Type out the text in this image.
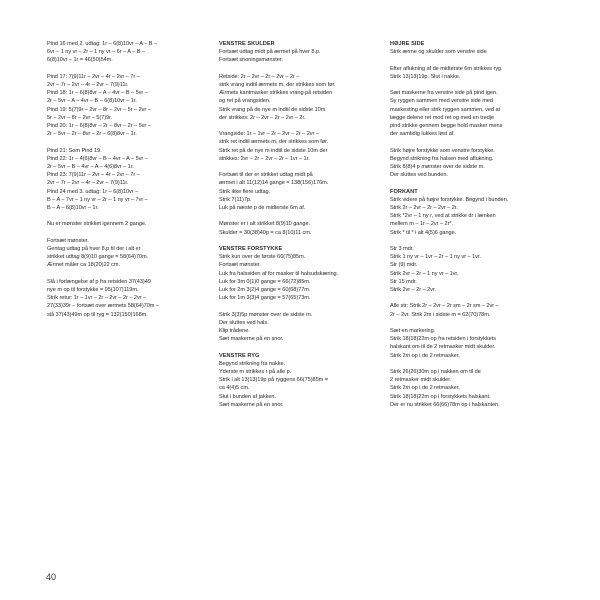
Pind 16 med 2. udtag: 1r – 6(8)10vr – A – B –
6vr – 1 ny vr – 2r – 1 ny vr – 6r – A – B –
6(8)10vr – 1r = 46(50)54m.

Pind 17: 7(9)11r – 2vr – 4r – 2vr – 7r –
2vr – 7r – 2vr – 4r – 2vr – 7(9)11r.
Pind 18: 1r – 6(8)8vr – A – 4vr – B – 5vr –
2r – 5vr – A – 4vr – B – 6(8)10vr – 1r.
Pind 19: 5(7)9r – 2vr – 8r – 2vr – 5r – 2vr –
5r – 2vr – 8r – 2vr – 5(7)9r.
Pind 20: 1r – 6(8)8vr – 2r – 8vr – 2r – 5vr –
2r – 5vr – 2r – 8vr – 2r – 6(8)8vr – 1r.

Pind 21: Som Pind 19.
Pind 22: 1r – 4(6)8vr – B – 4vr – A – 5vr –
2r – 5vr – B – 4vr – A – 4(6)8vr – 1r.
Pind 23: 7(9)11r – 2vr – 4r – 2vr – 7r –
2vr – 7r – 2vr – 4r – 2vr – 7(9)11r.
Pind 24 med 3. udtag: 1r – 6(8)10vr –
B – A – 7vr – 1 ny vr – 2r – 1 ny vr – 7vr –
B – A – 6(8)10vr – 1r.

Nu er mønster strikket igennem 2 gange.

Fortsæt mønster.
Gentag udtag på hver 8.p til der i alt er
strikket udtag 8(9)10 gange = 58(64)70m.
Ærmet måler ca 18(20)22 cm.

Slå i forlængelse af p fra retsiden 37(43)49
nye m op til forstykke = 95(107)119m.
Strik retur: 1r – 1vr – 2r – 2vr – 2r – 2vr –
27(33)39r – fortsæt over ærmets 58(64)70m –
slå 37(43)49m op til ryg = 132(150)168m.

VENSTRE SKULDER

Fortsæt udtag midt på ærmet på hver 8.p.
Fortsæt snoningsmønster.

Retside: 2r – 2vr – 2r – 2vr – 2r –
strik vrang indtil ærmets m, der strikkes som før.
Ærmets kantmasker strikkes vrang på retsiden
og ret på vrangsiden.
Strik vrang på de nye m indtil de sidste 10m
der strikkes: 2r – 2vr – 2r – 2vr – 2r.

Vrangside: 1r – 1vr – 2r – 2vr – 2r – 2vr –
strik ret indtil ærmets m, der strikkes som før.
Strik ret på de nye m indtil de sidste 10m der
strikkes: 2vr – 2r – 2vr – 2r – 1vr – 1r.

Fortsæt til der er strikket udtag midt på
ærmet i alt 11(12)14 gange = 138(156)176m.
Strik ikke flere udtag.
Strik 7(11)7p.
Luk på næste p de midterste 6m af.

Mønster er i alt strikket 8(9)10 gange.
Skulder = 30(38)40p = ca 8(10)11 cm.

VENSTRE FORSTYKKE

Strik kun over de første 66(75)85m.
Fortsæt mønster.
Luk fra halssiden af for masker til halsudskæring.
Luk for 3m 0(1)0 gange = 66(72)85m.
Luk for 2m 3(2)4 gange = 60(68)77m.
Luk for 1m 3(3)4 gange = 57(65)73m.

Strik 3(3)5p mønster over de sidste m.
Der sluttes ved hals.
Klip trådene.
Sæt maskerne på en snor.

VENSTRE RYG

Begynd strikning fra nakke.
Yderste m strikkes r på alle p.
Strik i alt 13(13)19p på ryggens 66(75)85m =
ca 4(4)5 cm.
Slut i bunden af jakken.
Sæt maskerne på en snor.

HØJRE SIDE

Strik ærme og skulder som venstre side

Efter aflukning af de midterste 6m strikkes ryg.
Strik 13(13)19p. Slut i nakke.

Sæt maskerne fra venstre side på pind igen.
Sy ryggen sammen med venstre side med
maskesting eller strik ryggen sammen, ved at
lægge delene ret mod ret og med en tredje
pind strikke gennem begge hold masker mens
der samtidig lukkes løst af.

Strik højre forstykke som venstre forstykke.
Begynd strikning fra halsen med aflukning.
Strik 8(8)4 p mønster over de sidste m.
Der sluttes ved bunden.

FORKANT

Strik videre på højre forstykke. Begynd i bunden.
Strik 2r – 2vr – 2r – 2vr – 2r.
Strik *2vr – 1 ny r, ved at strikke dr i lænken
mellem m – 1r – 2vr – 2r*.
Strik * til * i alt 4(5)6 gange.

Str 3 mdr.
Strik 1 ny vr – 1vr – 2r – 1 ny vr – 1vr.
Str (9) mdr.
Strik 2vr – 2r – 1 ny vr – 1vr.
Str 15 mdr.
Strik 2vr – 2r – 2vr.

Alle str: Strik 2r – 2vr – 2r sm – 2r sm – 2vr –
2r – 2vr. Strik 2m i sidste m = 62(70)78m.

Sæt en markering.
Strik 18(18)22m op fra retsiden i forstykkets
halskant om til de 2 retmasker midt skulder.
Strik 2m op i de 2 retmasker.

Strik 26(26)30m op i nakken om til de
2 retmasker midt skulder.
Strik 2m op i de 2 retmasker.
Strik 18(18)22m op i forstykkets halskant.
Der er nu strikket 66(66)78m op i halskanten.

40
